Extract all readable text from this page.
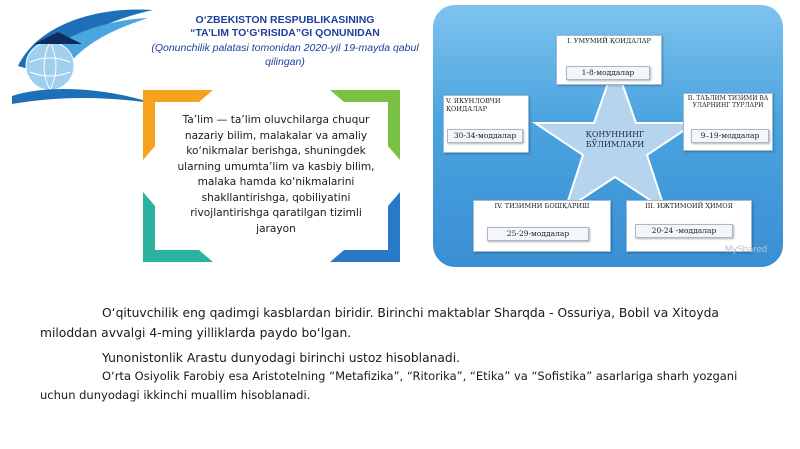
O‘ZBEKISTON RESPUBLIKASINING
“TA’LIM TO‘G‘RISIDA”GI QONUNIDAN
(Qonunchilik palatasi tomonidan 2020-yil 19-mayda qabul qilingan)
Ta’lim — ta’lim oluvchilarga chuqur nazariy bilim, malakalar va amaliy ko‘nikmalar berishga, shuningdek ularning umumta’lim va kasbiy bilim, malaka hamda ko‘nikmalarini shakllantirishga, qobiliyatini rivojlantirishga qaratilgan tizimli jarayon
ҚОНУННИНГ БЎЛИМЛАРИ
I. УМУМИЙ ҚОИДАЛАР
1-8-моддалар
II. ТАЪЛИМ ТИЗИМИ ВА УЛАРНИНГ ТУРЛАРИ
9–19-моддалар
III. ИЖТИМОИЙ ҲИМОЯ
20-24 -моддалар
IV. ТИЗИМНИ БОШҚАРИШ
25-29-моддалар
V. ЯКУНЛОВЧИ ҚОИДАЛАР
30-34-моддалар
MyShared
O‘qituvchilik eng qadimgi kasblardan biridir. Birinchi maktablar Sharqda - Ossuriya, Bobil va Xitoyda miloddan avvalgi 4-ming yilliklarda paydo bo‘lgan.
Yunonistonlik Arastu dunyodagi birinchi ustoz hisoblanadi.
O‘rta Osiyolik Farobiy esa Aristotelning “Metafizika”, “Ritorika”, “Etika” va “Sofistika” asarlariga sharh yozgani uchun dunyodagi ikkinchi muallim hisoblanadi.
